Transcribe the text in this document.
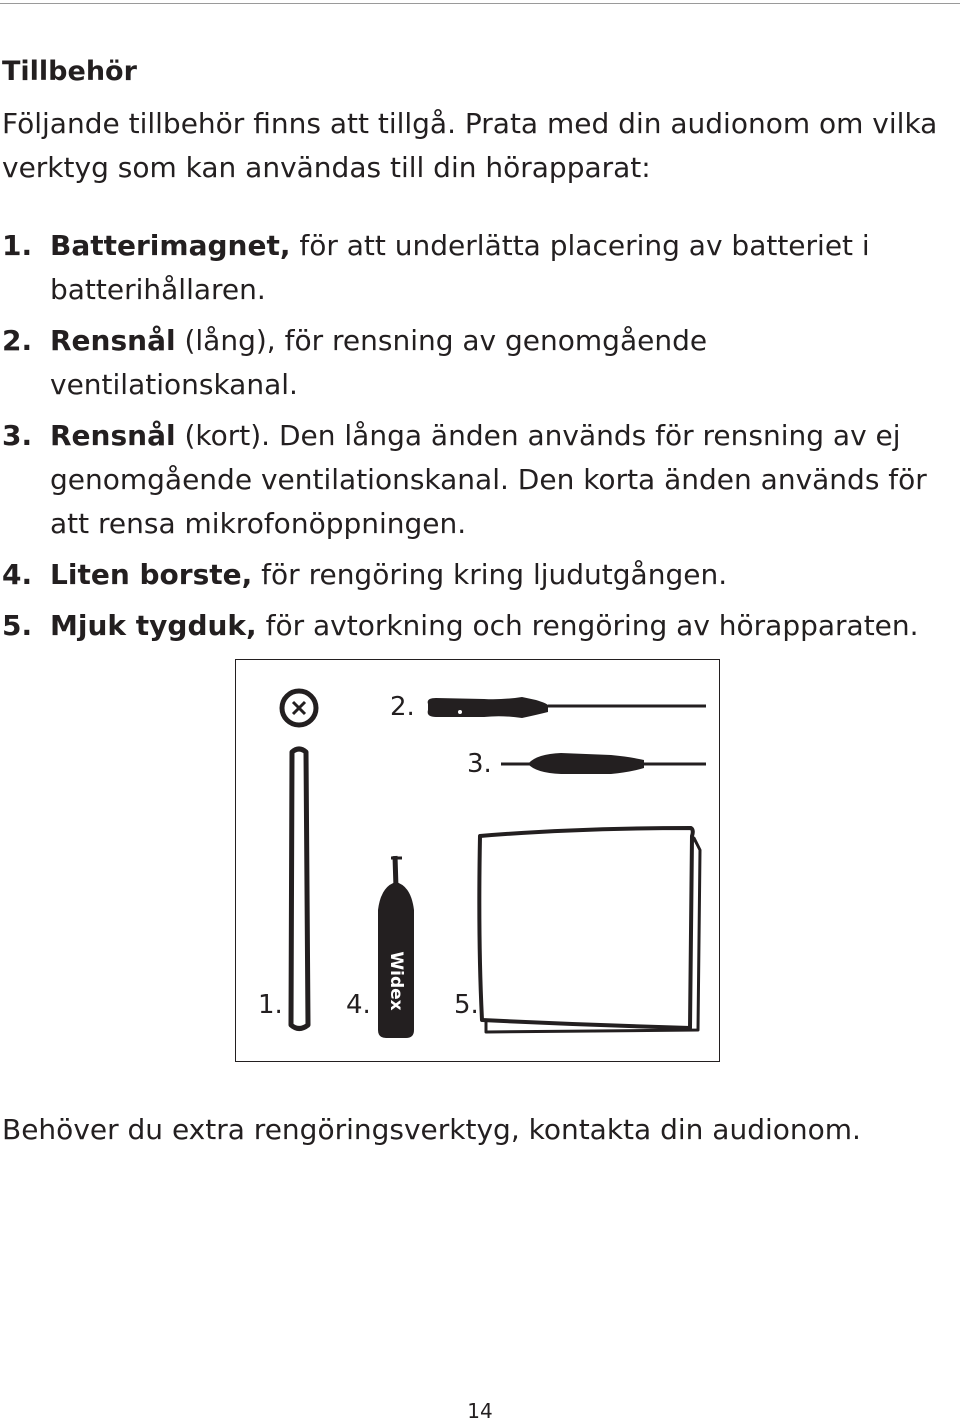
Tillbehör
Följande tillbehör finns att tillgå. Prata med din audionom om vilka verktyg som kan användas till din hörapparat:
1. Batterimagnet, för att underlätta placering av batteriet i batterihållaren.
2. Rensnål (lång), för rensning av genomgående ventilationskanal.
3. Rensnål (kort). Den långa änden används för rensning av ej genomgående ventilationskanal. Den korta änden används för att rensa mikrofonöppningen.
4. Liten borste, för rengöring kring ljudutgången.
5. Mjuk tygduk, för avtorkning och rengöring av hörapparaten.
2.
3.
1. 4.	5.
Widex
Behöver du extra rengöringsverktyg, kontakta din audionom.
14
